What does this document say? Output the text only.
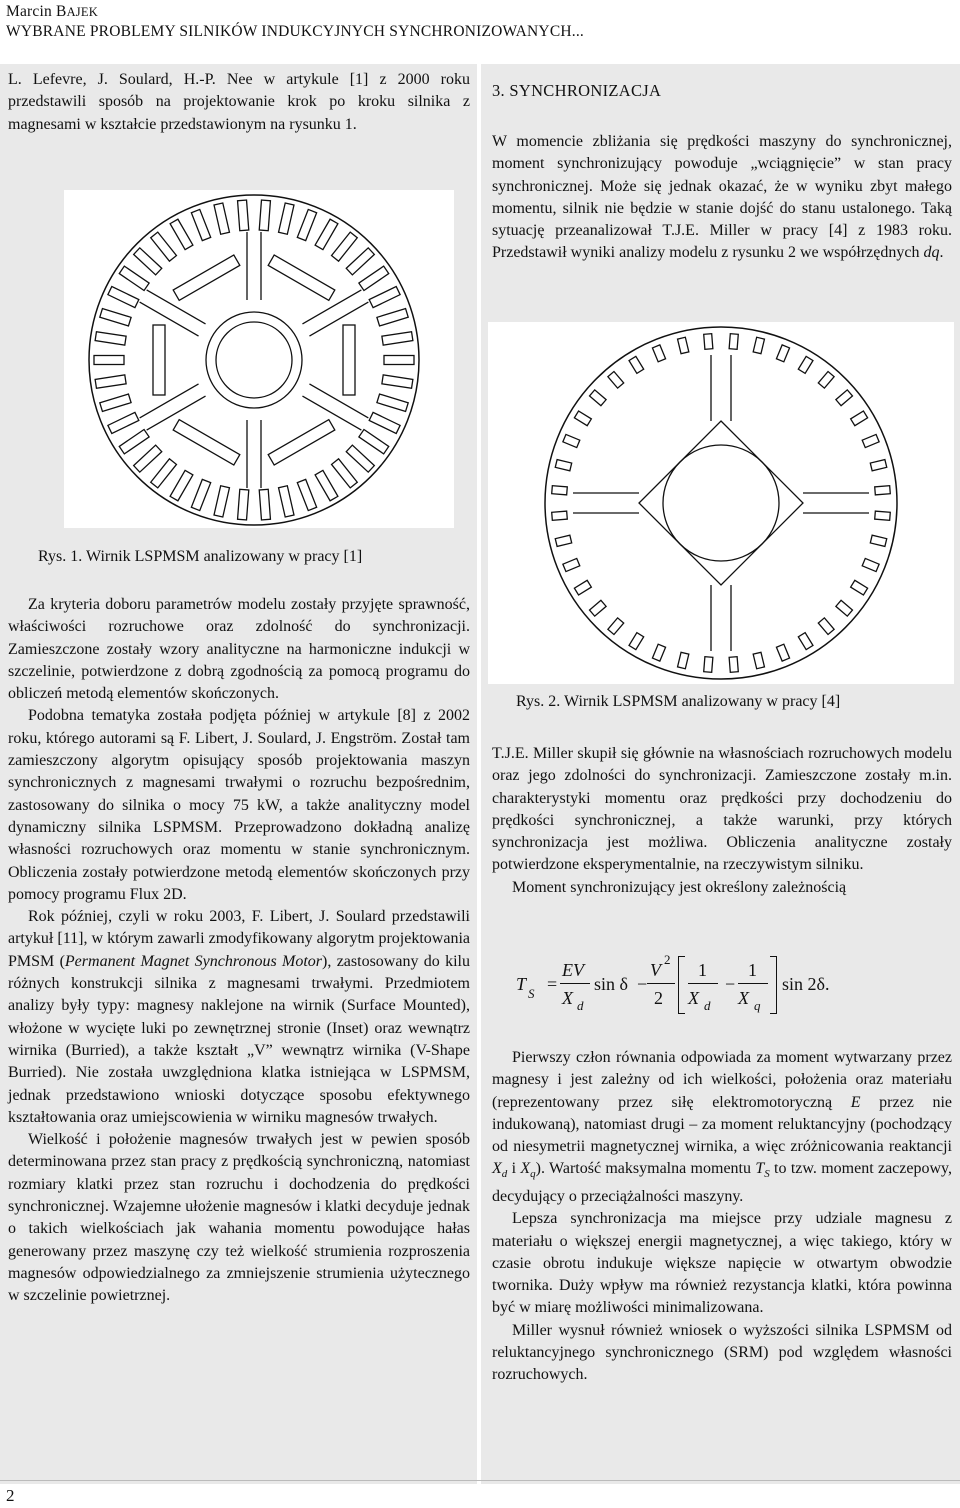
Marcin BAJEK
WYBRANE PROBLEMY SILNIKÓW INDUKCYJNYCH SYNCHRONIZOWANYCH...

L. Lefevre, J. Soulard, H.-P. Nee w artykule [1] z 2000 roku przedstawili sposób na projektowanie krok po kroku silnika z magnesami w kształcie przedstawionym na rysunku 1.

Rys. 1. Wirnik LSPMSM analizowany w pracy [1]

Za kryteria doboru parametrów modelu zostały przyjęte sprawność, właściwości rozruchowe oraz zdolność do synchronizacji. Zamieszczone zostały wzory analityczne na harmoniczne indukcji w szczelinie, potwierdzone z dobrą zgodnością za pomocą programu do obliczeń metodą elementów skończonych.

Podobna tematyka została podjęta później w artykule [8] z 2002 roku, którego autorami są F. Libert, J. Soulard, J. Engström. Został tam zamieszczony algorytm opisujący sposób projektowania maszyn synchronicznych z magnesami trwałymi o rozruchu bezpośrednim, zastosowany do silnika o mocy 75 kW, a także analityczny model dynamiczny silnika LSPMSM. Przeprowadzono dokładną analizę własności rozruchowych oraz momentu w stanie synchronicznym. Obliczenia zostały potwierdzone metodą elementów skończonych przy pomocy programu Flux 2D.

Rok później, czyli w roku 2003, F. Libert, J. Soulard przedstawili artykuł [11], w którym zawarli zmodyfikowany algorytm projektowania PMSM (Permanent Magnet Synchronous Motor), zastosowany do kilu różnych konstrukcji silnika z magnesami trwałymi. Przedmiotem analizy były typy: magnesy naklejone na wirnik (Surface Mounted), włożone w wycięte luki po zewnętrznej stronie (Inset) oraz wewnątrz wirnika (Burried), a także kształt „V” wewnątrz wirnika (V-Shape Burried). Nie została uwzględniona klatka istniejąca w LSPMSM, jednak przedstawiono wnioski dotyczące sposobu efektywnego kształtowania oraz umiejscowienia w wirniku magnesów trwałych.

Wielkość i położenie magnesów trwałych jest w pewien sposób determinowana przez stan pracy z prędkością synchroniczną, natomiast rozmiary klatki przez stan rozruchu i dochodzenia do prędkości synchronicznej. Wzajemne ułożenie magnesów i klatki decyduje jednak o takich wielkościach jak wahania momentu powodujące hałas generowany przez maszynę czy też wielkość strumienia rozproszenia magnesów odpowiedzialnego za zmniejszenie strumienia użytecznego w szczelinie powietrznej.

3. SYNCHRONIZACJA

W momencie zbliżania się prędkości maszyny do synchronicznej, moment synchronizujący powoduje „wciągnięcie” w stan pracy synchronicznej. Może się jednak okazać, że w wyniku zbyt małego momentu, silnik nie będzie w stanie dojść do stanu ustalonego. Taką sytuację przeanalizował T.J.E. Miller w pracy [4] z 1983 roku. Przedstawił wyniki analizy modelu z rysunku 2 we współrzędnych dq.

Rys. 2. Wirnik LSPMSM analizowany w pracy [4]

T.J.E. Miller skupił się głównie na własnościach rozruchowych modelu oraz jego zdolności do synchronizacji. Zamieszczone zostały m.in. charakterystyki momentu oraz prędkości przy dochodzeniu do prędkości synchronicznej, a także warunki, przy których synchronizacja jest możliwa. Obliczenia analityczne zostały potwierdzone eksperymentalnie, na rzeczywistym silniku.

Moment synchronizujący jest określony zależnością

T S =
EV
X d
sin δ −
V
2
2
1
X d
−
1
X q
sin 2δ.

Pierwszy człon równania odpowiada za moment wytwarzany przez magnesy i jest zależny od ich wielkości, położenia oraz materiału (reprezentowany przez siłę elektromotoryczną E przez nie indukowaną), natomiast drugi – za moment reluktancyjny (pochodzący od niesymetrii magnetycznej wirnika, a więc zróżnicowania reaktancji $X_d$ i $X_q$). Wartość maksymalna momentu $T_S$ to tzw. moment zaczepowy, decydujący o przeciążalności maszyny.

Lepsza synchronizacja ma miejsce przy udziale magnesu z materiału o większej energii magnetycznej, a więc takiego, który w czasie obrotu indukuje większe napięcie w otwartym obwodzie twornika. Duży wpływ ma również rezystancja klatki, która powinna być w miarę możliwości minimalizowana.

Miller wysnuł również wniosek o wyższości silnika LSPMSM od reluktancyjnego synchronicznego (SRM) pod względem własności rozruchowych.

2
